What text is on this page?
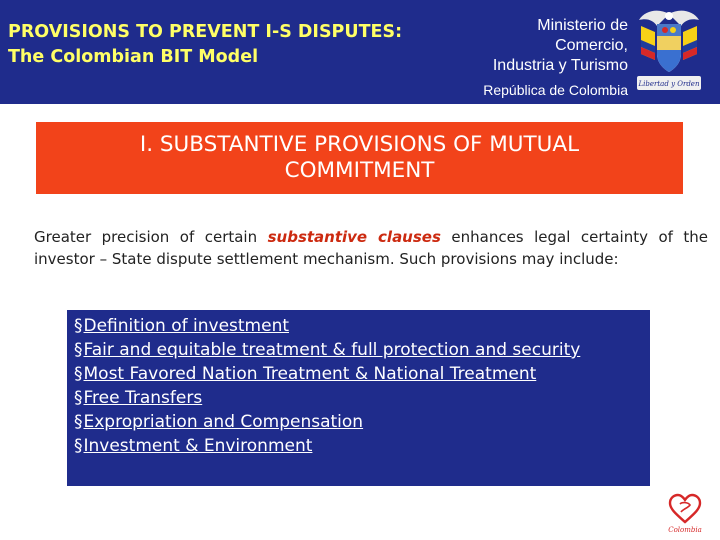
PROVISIONS TO PREVENT I-S DISPUTES:
The Colombian BIT Model
Ministerio de
Comercio,
Industria y Turismo
República de Colombia Libertad y Orden
I. SUBSTANTIVE PROVISIONS OF MUTUAL
COMMITMENT
Greater precision of certain substantive clauses enhances legal certainty of the investor – State dispute settlement mechanism. Such provisions may include:
§Definition of investment
§Fair and equitable treatment & full protection and security
§Most Favored Nation Treatment & National Treatment
§Free Transfers
§Expropriation and Compensation
§Investment & Environment
Colombia
